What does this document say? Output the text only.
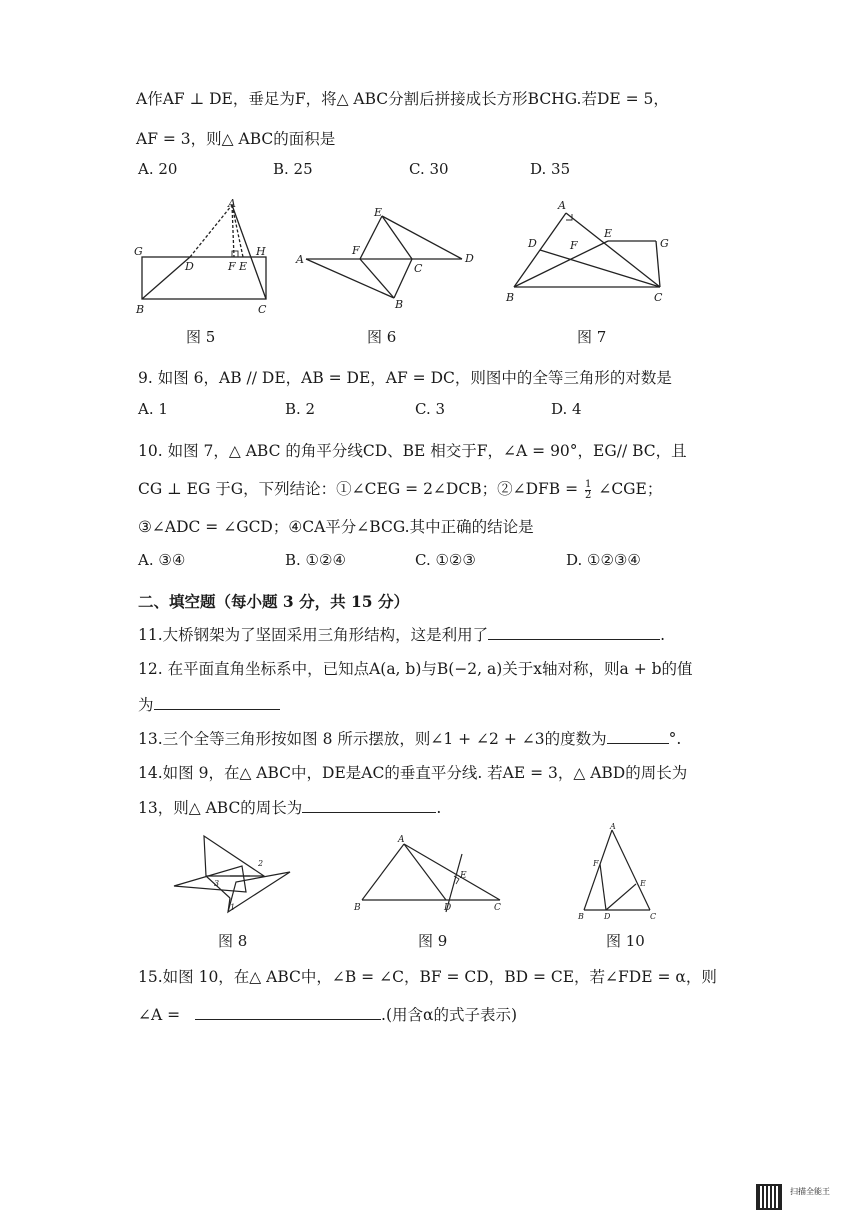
A作AF ⊥ DE，垂足为F，将△ ABC分割后拼接成长方形BCHG.若DE = 5，
AF = 3，则△ ABC的面积是
A. 20	B. 25	C. 30	D. 35
A
G
D	F E
H
B	C
E
F
A
C
D
B
A
D	F
E
G
B	C
图 5	图 6	图 7
9. 如图 6，AB // DE，AB = DE，AF = DC，则图中的全等三角形的对数是
A. 1	B. 2	C. 3	D. 4
10. 如图 7，△ ABC 的角平分线CD、BE 相交于F，∠A = 90°，EG// BC，且
CG ⊥ EG 于G，下列结论：①∠CEG = 2∠DCB；②∠DFB = $\frac{1}{2}$ ∠CGE；
③∠ADC = ∠GCD；④CA平分∠BCG.其中正确的结论是
A. ③④	B. ①②④	C. ①②③	D. ①②③④
二、填空题（每小题 3 分，共 15 分）
11.大桥钢架为了坚固采用三角形结构，这是利用了	.
12. 在平面直角坐标系中，已知点A(a, b)与B(−2, a)关于x轴对称，则a + b的值
为
13.三个全等三角形按如图 8 所示摆放，则∠1 + ∠2 + ∠3的度数为	°.
14.如图 9，在△ ABC中，DE是AC的垂直平分线. 若AE = 3，△ ABD的周长为
13，则△ ABC的周长为	.
1
2
3
A
E
B	D	C
A
F
E
B	D	C
图 8	图 9	图 10
15.如图 10，在△ ABC中，∠B = ∠C，BF = CD，BD = CE，若∠FDE = α，则
∠A =	.(用含α的式子表示)
扫描全能王
